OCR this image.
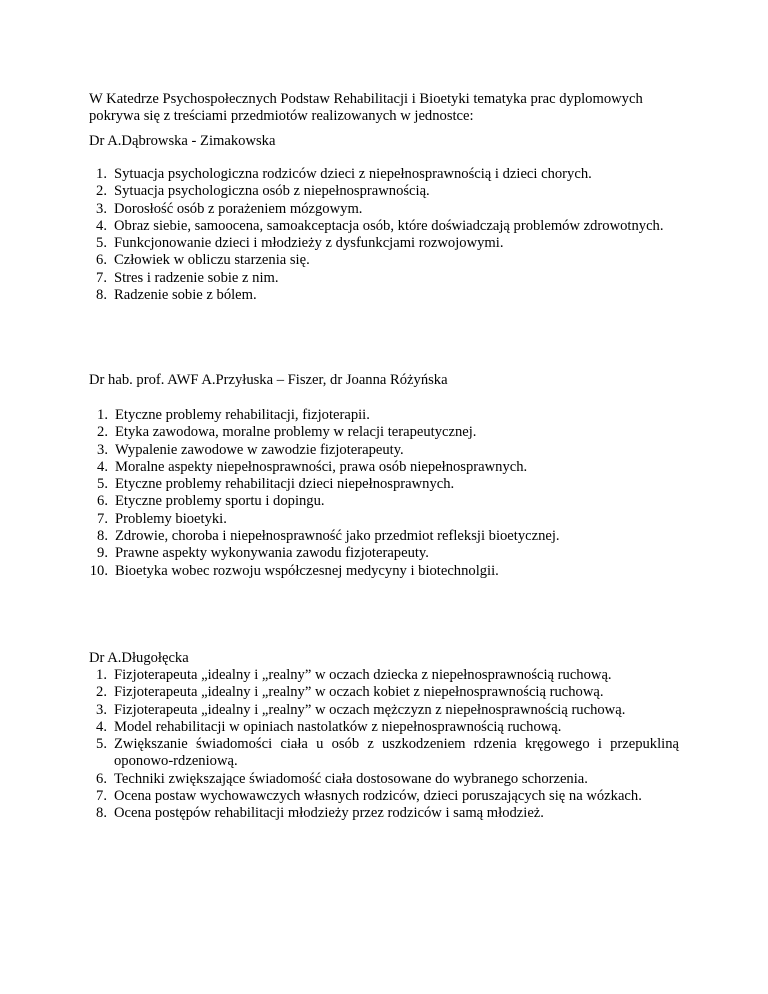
W Katedrze Psychospołecznych Podstaw Rehabilitacji i Bioetyki tematyka prac dyplomowych pokrywa się z treściami przedmiotów realizowanych w jednostce:

Dr A.Dąbrowska - Zimakowska

1. Sytuacja psychologiczna rodziców dzieci z niepełnosprawnością i dzieci chorych.
2. Sytuacja psychologiczna osób z niepełnosprawnością.
3. Dorosłość osób z porażeniem mózgowym.
4. Obraz siebie, samoocena, samoakceptacja osób, które doświadczają problemów zdrowotnych.
5. Funkcjonowanie dzieci i młodzieży z dysfunkcjami rozwojowymi.
6. Człowiek w obliczu starzenia się.
7. Stres i radzenie sobie z nim.
8. Radzenie sobie z bólem.

Dr hab. prof. AWF A.Przyłuska – Fiszer, dr Joanna Różyńska

1. Etyczne problemy rehabilitacji, fizjoterapii.
2. Etyka zawodowa, moralne problemy w relacji terapeutycznej.
3. Wypalenie zawodowe w zawodzie fizjoterapeuty.
4. Moralne aspekty niepełnosprawności, prawa osób niepełnosprawnych.
5. Etyczne problemy rehabilitacji dzieci niepełnosprawnych.
6. Etyczne problemy sportu i dopingu.
7. Problemy bioetyki.
8. Zdrowie, choroba i niepełnosprawność jako przedmiot refleksji bioetycznej.
9. Prawne aspekty wykonywania zawodu fizjoterapeuty.
10. Bioetyka wobec rozwoju współczesnej medycyny i biotechnolgii.

Dr A.Długołęcka

1. Fizjoterapeuta „idealny i „realny” w oczach dziecka z niepełnosprawnością ruchową.
2. Fizjoterapeuta „idealny i „realny” w oczach kobiet z niepełnosprawnością ruchową.
3. Fizjoterapeuta „idealny i „realny” w oczach mężczyzn z niepełnosprawnością ruchową.
4. Model rehabilitacji w opiniach nastolatków z niepełnosprawnością ruchową.
5. Zwiększanie świadomości ciała u osób z uszkodzeniem rdzenia kręgowego i przepukliną oponowo-rdzeniową.
6. Techniki zwiększające świadomość ciała dostosowane do wybranego schorzenia.
7. Ocena postaw wychowawczych własnych rodziców, dzieci poruszających się na wózkach.
8. Ocena postępów rehabilitacji młodzieży przez rodziców i samą młodzież.
